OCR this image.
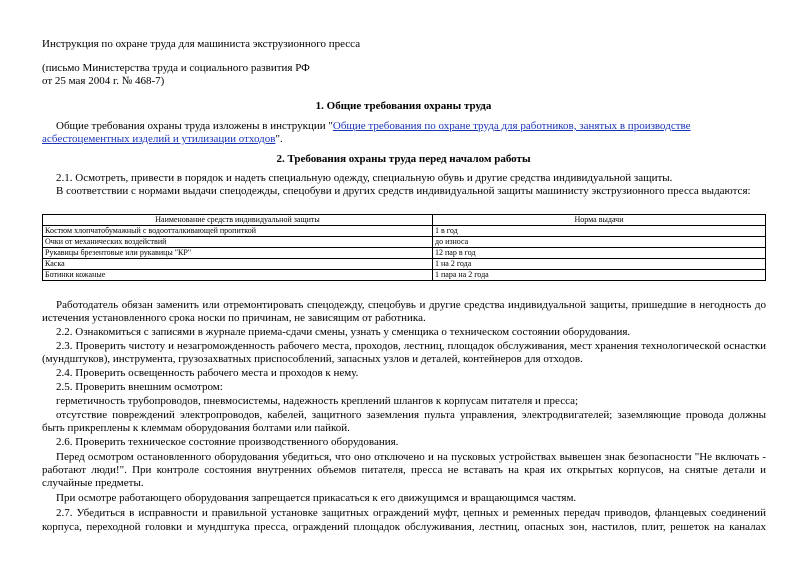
Инструкция по охране труда для машиниста экструзионного пресса
(письмо Министерства труда и социального развития РФ
от 25 мая 2004 г. № 468-7)
1. Общие требования охраны труда
Общие требования охраны труда изложены в инструкции "Общие требования по охране труда для работников, занятых в производстве
асбестоцементных изделий и утилизации отходов".
2. Требования охраны труда перед началом работы
2.1. Осмотреть, привести в порядок и надеть специальную одежду, специальную обувь и другие средства индивидуальной защиты.
В соответствии с нормами выдачи спецодежды, спецобуви и других средств индивидуальной защиты машинисту экструзионного пресса выдаются:
Наименование средств индивидуальной защиты	Норма выдачи
Костюм хлопчатобумажный с водоотталкивающей пропиткой	1 в год
Очки от механических воздействий	до износа
Рукавицы брезентовые или рукавицы "КР"	12 пар в год
Каска	1 на 2 года
Ботинки кожаные	1 пара на 2 года
Работодатель обязан заменить или отремонтировать спецодежду, спецобувь и другие средства индивидуальной защиты, пришедшие в негодность до
истечения установленного срока носки по причинам, не зависящим от работника.
2.2. Ознакомиться с записями в журнале приема-сдачи смены, узнать у сменщика о техническом состоянии оборудования.
2.3. Проверить чистоту и незагроможденность рабочего места, проходов, лестниц, площадок обслуживания, мест хранения технологической оснастки
(мундштуков), инструмента, грузозахватных приспособлений, запасных узлов и деталей, контейнеров для отходов.
2.4. Проверить освещенность рабочего места и проходов к нему.
2.5. Проверить внешним осмотром:
герметичность трубопроводов, пневмосистемы, надежность креплений шлангов к корпусам питателя и пресса;
отсутствие повреждений электропроводов, кабелей, защитного заземления пульта управления, электродвигателей; заземляющие провода должны
быть прикреплены к клеммам оборудования болтами или пайкой.
2.6. Проверить техническое состояние производственного оборудования.
Перед осмотром остановленного оборудования убедиться, что оно отключено и на пусковых устройствах вывешен знак безопасности "Не включать -
работают люди!". При контроле состояния внутренних объемов питателя, пресса не вставать на края их открытых корпусов, на снятые детали и
случайные предметы.
При осмотре работающего оборудования запрещается прикасаться к его движущимся и вращающимся частям.
2.7. Убедиться в исправности и правильной установке защитных ограждений муфт, цепных и ременных передач приводов, фланцевых соединений
корпуса, переходной головки и мундштука пресса, ограждений площадок обслуживания, лестниц, опасных зон, настилов, плит, решеток на каналах
